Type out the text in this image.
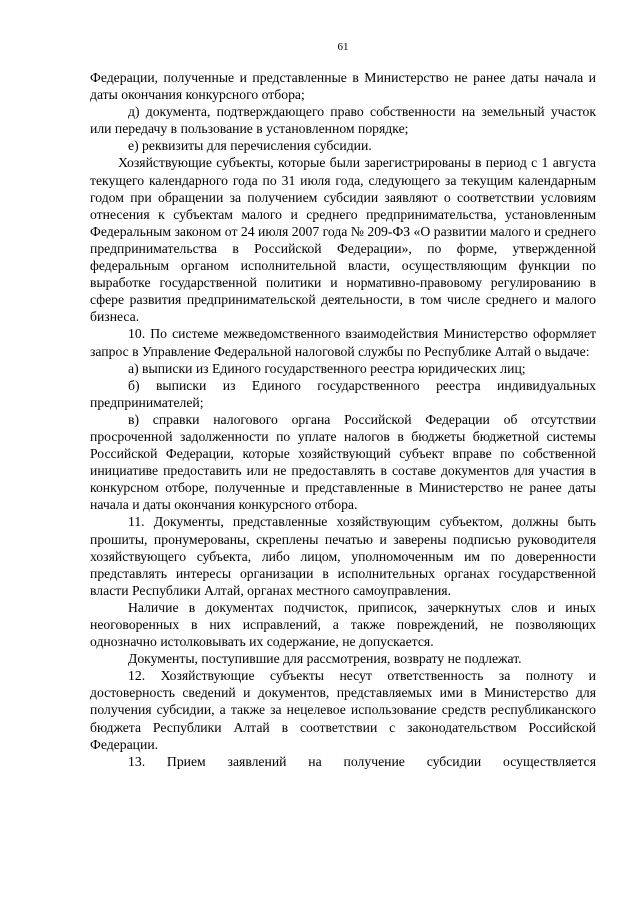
61

Федерации, полученные и представленные в Министерство не ранее даты начала и даты окончания конкурсного отбора;

д) документа, подтверждающего право собственности на земельный участок или передачу в пользование в установленном порядке;

е) реквизиты для перечисления субсидии.

Хозяйствующие субъекты, которые были зарегистрированы в период с 1 августа текущего календарного года по 31 июля года, следующего за текущим календарным годом при обращении за получением субсидии заявляют о соответствии условиям отнесения к субъектам малого и среднего предпринимательства, установленным Федеральным законом от 24 июля 2007 года № 209-ФЗ «О развитии малого и среднего предпринимательства в Российской Федерации», по форме, утвержденной федеральным органом исполнительной власти, осуществляющим функции по выработке государственной политики и нормативно-правовому регулированию в сфере развития предпринимательской деятельности, в том числе среднего и малого бизнеса.

10. По системе межведомственного взаимодействия Министерство оформляет запрос в Управление Федеральной налоговой службы по Республике Алтай о выдаче:

а) выписки из Единого государственного реестра юридических лиц;

б) выписки из Единого государственного реестра индивидуальных предпринимателей;

в) справки налогового органа Российской Федерации об отсутствии просроченной задолженности по уплате налогов в бюджеты бюджетной системы Российской Федерации, которые хозяйствующий субъект вправе по собственной инициативе предоставить или не предоставлять в составе документов для участия в конкурсном отборе, полученные и представленные в Министерство не ранее даты начала и даты окончания конкурсного отбора.

11. Документы, представленные хозяйствующим субъектом, должны быть прошиты, пронумерованы, скреплены печатью и заверены подписью руководителя хозяйствующего субъекта, либо лицом, уполномоченным им по доверенности представлять интересы организации в исполнительных органах государственной власти Республики Алтай, органах местного самоуправления.

Наличие в документах подчисток, приписок, зачеркнутых слов и иных неоговоренных в них исправлений, а также повреждений, не позволяющих однозначно истолковывать их содержание, не допускается.

Документы, поступившие для рассмотрения, возврату не подлежат.

12. Хозяйствующие субъекты несут ответственность за полноту и достоверность сведений и документов, представляемых ими в Министерство для получения субсидии, а также за нецелевое использование средств республиканского бюджета Республики Алтай в соответствии с законодательством Российской Федерации.

13. Прием заявлений на получение субсидии осуществляется
